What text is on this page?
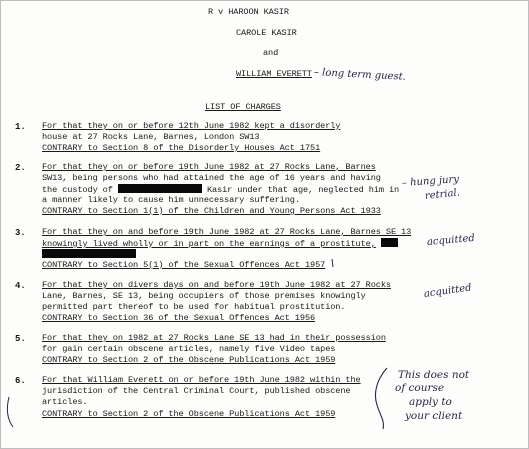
R v HAROON KASIR
CAROLE KASIR
and
WILLIAM EVERETT – long term guest.
LIST OF CHARGES
1. For that they on or before 12th June 1982 kept a disorderly
house at 27 Rocks Lane, Barnes, London SW13
CONTRARY to Section 8 of the Disorderly Houses Act 1751
2. For that they on or before 19th June 1982 at 27 Rocks Lane, Barnes
SW13, being persons who had attained the age of 16 years and having
the custody of	Kasir under that age, neglected him in
a manner likely to cause him unnecessary suffering.
CONTRARY to Section 1(1) of the Children and Young Persons Act 1933
– hung jury
retrial.
3. For that they on and before 19th June 1982 at 27 Rocks Lane, Barnes SE 13
knowingly lived wholly or in part on the earnings of a prostitute,
CONTRARY to Section 5(1) of the Sexual Offences Act 1957
acquitted
4. For that they on divers days on and before 19th June 1982 at 27 Rocks
Lane, Barnes, SE 13, being occupiers of those premises knowingly
permitted part thereof to be used for habitual prostitution.
CONTRARY to Section 36 of the Sexual Offences Act 1956
acquitted
5. For that they on 1982 at 27 Rocks Lane SE 13 had in their possession
for gain certain obscene articles, namely five Video tapes
CONTRARY to Section 2 of the Obscene Publications Act 1959
6. For that William Everett on or before 19th June 1982 within the
jurisdiction of the Central Criminal Court, published obscene
articles.
CONTRARY to Section 2 of the Obscene Publications Act 1959
This does not
of course
apply to
your client
